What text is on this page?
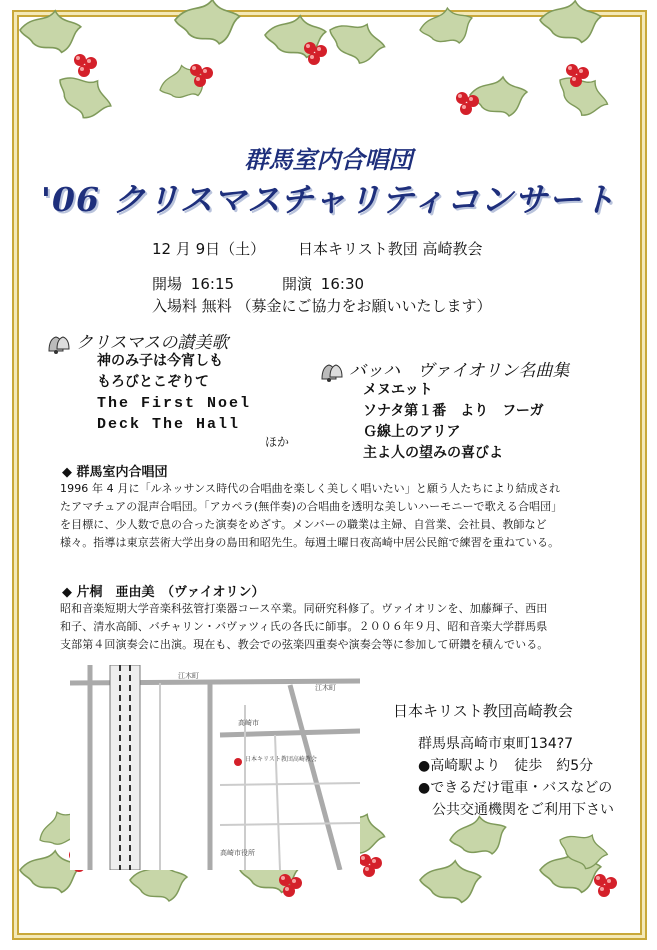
群馬室内合唱団
'06 クリスマスチャリティコンサート
12 月 9日（土） 日本キリスト教団 高崎教会
開場 16:15	開演 16:30
入場料 無料 （募金にご協力をお願いいたします）
クリスマスの讃美歌
神のみ子は今宵しも
もろびとこぞりて
The First Noel
Deck The Hall
ほか
バッハ　ヴァイオリン名曲集
メヌエット
ソナタ第１番　より　フーガ
Ｇ線上のアリア
主よ人の望みの喜びよ
◆ 群馬室内合唱団
1996 年 4 月に「ルネッサンス時代の合唱曲を楽しく美しく唱いたい」と願う人たちにより結成され
たアマチュアの混声合唱団。「アカペラ(無伴奏)の合唱曲を透明な美しいハーモニーで歌える合唱団」
を目標に、少人数で息の合った演奏をめざす。メンバーの職業は主婦、自営業、会社員、教師など
様々。指導は東京芸術大学出身の島田和昭先生。毎週土曜日夜高崎中居公民館で練習を重ねている。
◆ 片桐　亜由美　（ヴァイオリン）
昭和音楽短期大学音楽科弦管打楽器コース卒業。同研究科修了。ヴァイオリンを、加藤輝子、西田
和子、清水高師、バチャリン・バヴァツィ氏の各氏に師事。２００６年９月、昭和音楽大学群馬県
支部第４回演奏会に出演。現在も、教会での弦楽四重奏や演奏会等に参加して研鑽を積んでいる。
江木町
江木町
高崎市
日本キリスト教団高崎教会
高崎市役所
日本キリスト教団高崎教会
群馬県高崎市東町134?7
●高崎駅より　徒歩　約5分
●できるだけ電車・バスなどの
公共交通機関をご利用下さい
